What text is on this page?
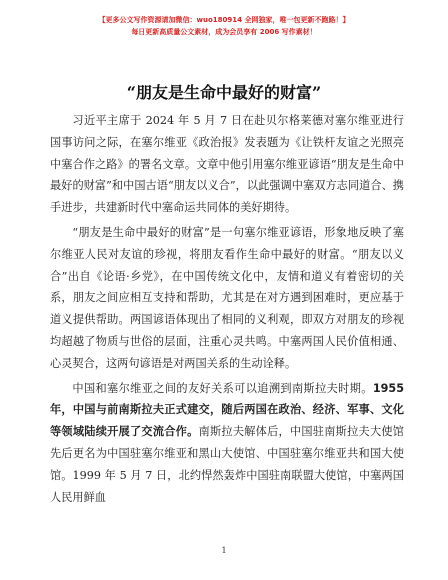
【更多公文写作资源请加微信：wuo180914 全网独家，唯一包更新不跑路！】
每日更新高质量公文素材，成为会员享有 2006 写作素材！
“朋友是生命中最好的财富”

习近平主席于 2024 年 5 月 7 日在赴贝尔格莱德对塞尔维亚进行国事访问之际，在塞尔维亚《政治报》发表题为《让铁杆友谊之光照亮中塞合作之路》的署名文章。文章中他引用塞尔维亚谚语“朋友是生命中最好的财富”和中国古语“朋友以义合”，以此强调中塞双方志同道合、携手进步，共建新时代中塞命运共同体的美好期待。

“朋友是生命中最好的财富”是一句塞尔维亚谚语，形象地反映了塞尔维亚人民对友谊的珍视，将朋友看作生命中最好的财富。“朋友以义合”出自《论语·乡党》，在中国传统文化中，友情和道义有着密切的关系，朋友之间应相互支持和帮助，尤其是在对方遇到困难时，更应基于道义提供帮助。两国谚语体现出了相同的义利观，即双方对朋友的珍视均超越了物质与世俗的层面，注重心灵共鸣。中塞两国人民价值相通、心灵契合，这两句谚语是对两国关系的生动诠释。

中国和塞尔维亚之间的友好关系可以追溯到南斯拉夫时期。1955 年，中国与前南斯拉夫正式建交，随后两国在政治、经济、军事、文化等领域陆续开展了交流合作。南斯拉夫解体后，中国驻南斯拉夫大使馆先后更名为中国驻塞尔维亚和黑山大使馆、中国驻塞尔维亚共和国大使馆。1999 年 5 月 7 日，北约悍然轰炸中国驻南联盟大使馆，中塞两国人民用鲜血

1
